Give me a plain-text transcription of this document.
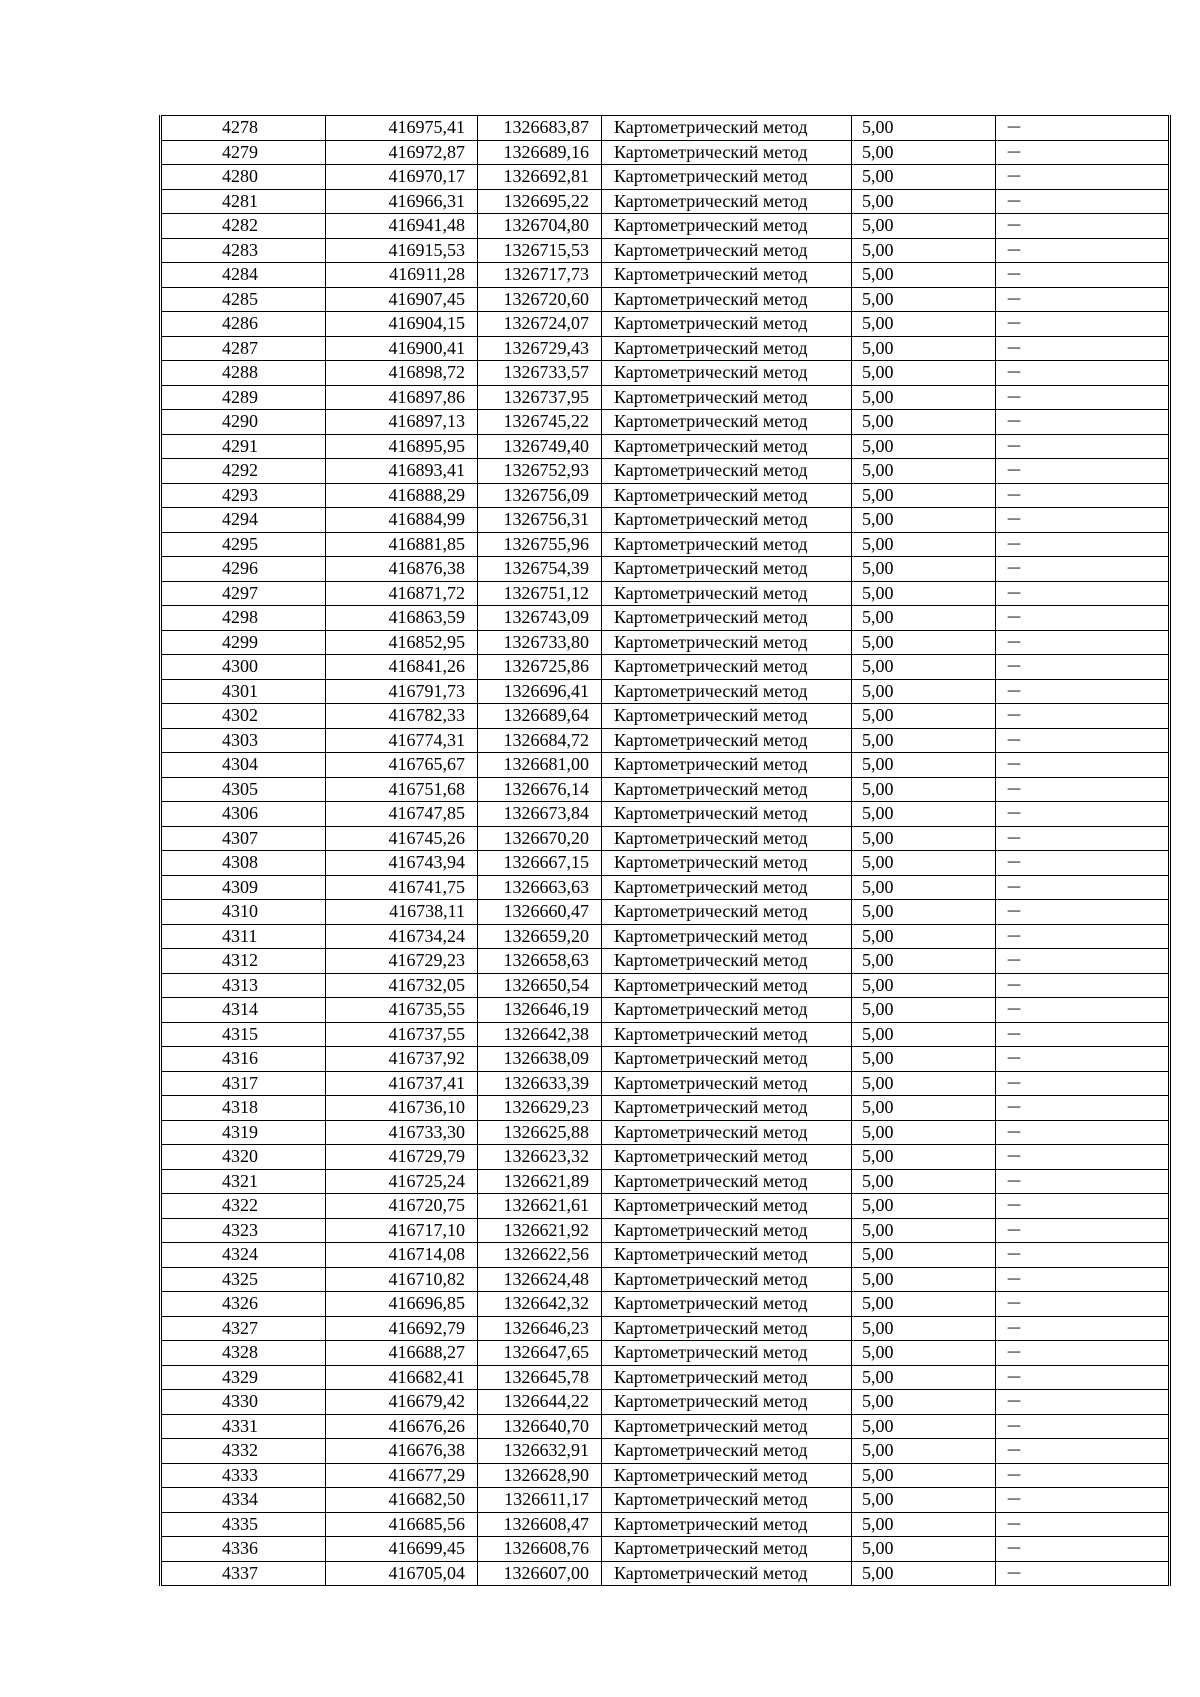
4278	416975,41	1326683,87	Картометрический метод	5,00	—
4279	416972,87	1326689,16	Картометрический метод	5,00	—
4280	416970,17	1326692,81	Картометрический метод	5,00	—
4281	416966,31	1326695,22	Картометрический метод	5,00	—
4282	416941,48	1326704,80	Картометрический метод	5,00	—
4283	416915,53	1326715,53	Картометрический метод	5,00	—
4284	416911,28	1326717,73	Картометрический метод	5,00	—
4285	416907,45	1326720,60	Картометрический метод	5,00	—
4286	416904,15	1326724,07	Картометрический метод	5,00	—
4287	416900,41	1326729,43	Картометрический метод	5,00	—
4288	416898,72	1326733,57	Картометрический метод	5,00	—
4289	416897,86	1326737,95	Картометрический метод	5,00	—
4290	416897,13	1326745,22	Картометрический метод	5,00	—
4291	416895,95	1326749,40	Картометрический метод	5,00	—
4292	416893,41	1326752,93	Картометрический метод	5,00	—
4293	416888,29	1326756,09	Картометрический метод	5,00	—
4294	416884,99	1326756,31	Картометрический метод	5,00	—
4295	416881,85	1326755,96	Картометрический метод	5,00	—
4296	416876,38	1326754,39	Картометрический метод	5,00	—
4297	416871,72	1326751,12	Картометрический метод	5,00	—
4298	416863,59	1326743,09	Картометрический метод	5,00	—
4299	416852,95	1326733,80	Картометрический метод	5,00	—
4300	416841,26	1326725,86	Картометрический метод	5,00	—
4301	416791,73	1326696,41	Картометрический метод	5,00	—
4302	416782,33	1326689,64	Картометрический метод	5,00	—
4303	416774,31	1326684,72	Картометрический метод	5,00	—
4304	416765,67	1326681,00	Картометрический метод	5,00	—
4305	416751,68	1326676,14	Картометрический метод	5,00	—
4306	416747,85	1326673,84	Картометрический метод	5,00	—
4307	416745,26	1326670,20	Картометрический метод	5,00	—
4308	416743,94	1326667,15	Картометрический метод	5,00	—
4309	416741,75	1326663,63	Картометрический метод	5,00	—
4310	416738,11	1326660,47	Картометрический метод	5,00	—
4311	416734,24	1326659,20	Картометрический метод	5,00	—
4312	416729,23	1326658,63	Картометрический метод	5,00	—
4313	416732,05	1326650,54	Картометрический метод	5,00	—
4314	416735,55	1326646,19	Картометрический метод	5,00	—
4315	416737,55	1326642,38	Картометрический метод	5,00	—
4316	416737,92	1326638,09	Картометрический метод	5,00	—
4317	416737,41	1326633,39	Картометрический метод	5,00	—
4318	416736,10	1326629,23	Картометрический метод	5,00	—
4319	416733,30	1326625,88	Картометрический метод	5,00	—
4320	416729,79	1326623,32	Картометрический метод	5,00	—
4321	416725,24	1326621,89	Картометрический метод	5,00	—
4322	416720,75	1326621,61	Картометрический метод	5,00	—
4323	416717,10	1326621,92	Картометрический метод	5,00	—
4324	416714,08	1326622,56	Картометрический метод	5,00	—
4325	416710,82	1326624,48	Картометрический метод	5,00	—
4326	416696,85	1326642,32	Картометрический метод	5,00	—
4327	416692,79	1326646,23	Картометрический метод	5,00	—
4328	416688,27	1326647,65	Картометрический метод	5,00	—
4329	416682,41	1326645,78	Картометрический метод	5,00	—
4330	416679,42	1326644,22	Картометрический метод	5,00	—
4331	416676,26	1326640,70	Картометрический метод	5,00	—
4332	416676,38	1326632,91	Картометрический метод	5,00	—
4333	416677,29	1326628,90	Картометрический метод	5,00	—
4334	416682,50	1326611,17	Картометрический метод	5,00	—
4335	416685,56	1326608,47	Картометрический метод	5,00	—
4336	416699,45	1326608,76	Картометрический метод	5,00	—
4337	416705,04	1326607,00	Картометрический метод	5,00	—
